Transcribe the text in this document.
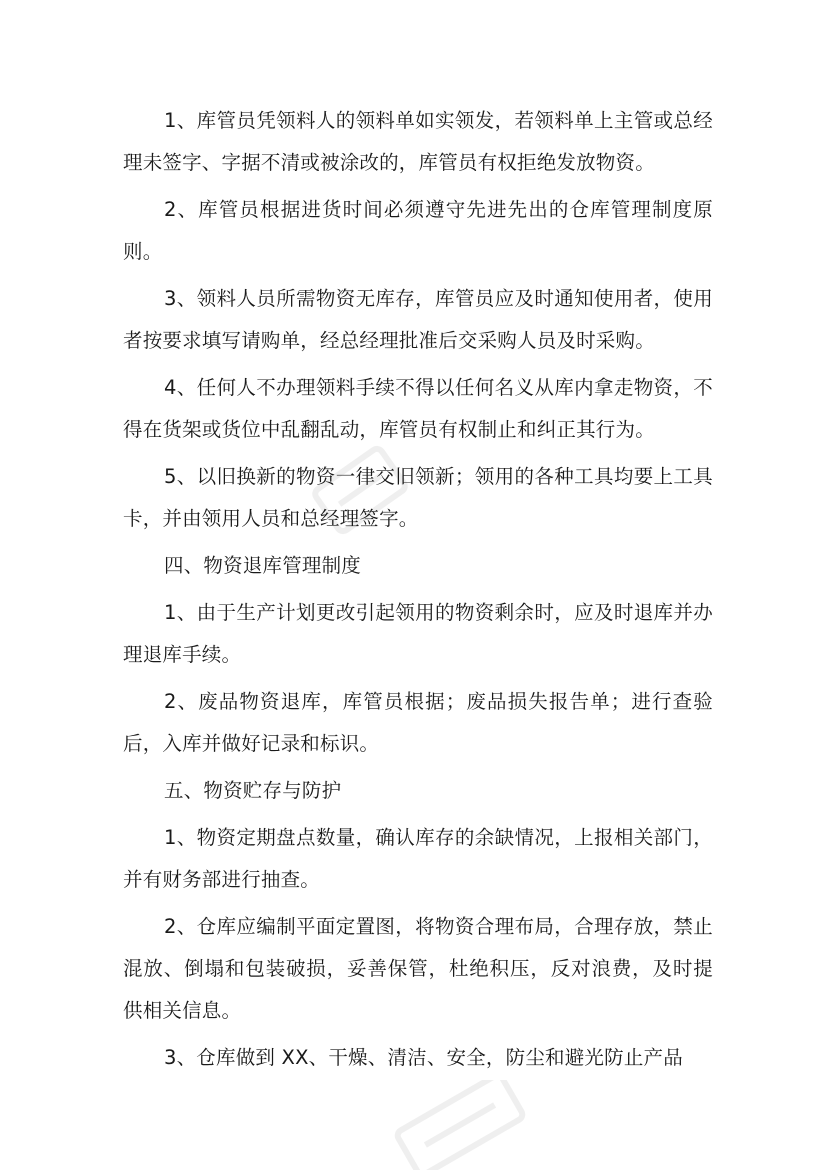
1、库管员凭领料人的领料单如实领发，若领料单上主管或总经理未签字、字据不清或被涂改的，库管员有权拒绝发放物资。

2、库管员根据进货时间必须遵守先进先出的仓库管理制度原则。

3、领料人员所需物资无库存，库管员应及时通知使用者，使用者按要求填写请购单，经总经理批准后交采购人员及时采购。

4、任何人不办理领料手续不得以任何名义从库内拿走物资，不得在货架或货位中乱翻乱动，库管员有权制止和纠正其行为。

5、以旧换新的物资一律交旧领新；领用的各种工具均要上工具卡，并由领用人员和总经理签字。

四、物资退库管理制度

1、由于生产计划更改引起领用的物资剩余时，应及时退库并办理退库手续。

2、废品物资退库，库管员根据；废品损失报告单；进行查验后，入库并做好记录和标识。

五、物资贮存与防护

1、物资定期盘点数量，确认库存的余缺情况，上报相关部门，并有财务部进行抽查。

2、仓库应编制平面定置图，将物资合理布局，合理存放，禁止混放、倒塌和包装破损，妥善保管，杜绝积压，反对浪费，及时提供相关信息。

3、仓库做到 XX、干燥、清洁、安全，防尘和避光防止产品
